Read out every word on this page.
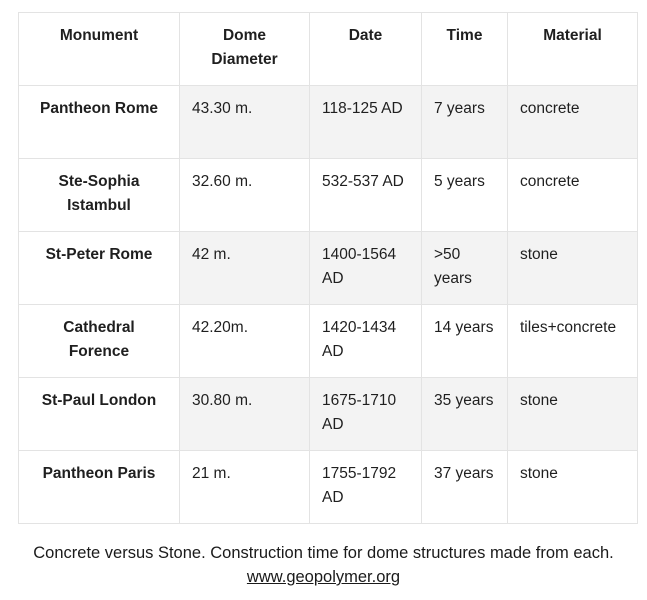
Monument	Dome Diameter	Date	Time	Material
Pantheon Rome	43.30 m.	118-125 AD	7 years	concrete
Ste-Sophia Istambul	32.60 m.	532-537 AD	5 years	concrete
St-Peter Rome	42 m.	1400-1564 AD	>50 years	stone
Cathedral Forence	42.20m.	1420-1434 AD	14 years	tiles+concrete
St-Paul London	30.80 m.	1675-1710 AD	35 years	stone
Pantheon Paris	21 m.	1755-1792 AD	37 years	stone
Concrete versus Stone. Construction time for dome structures made from each.
www.geopolymer.org
